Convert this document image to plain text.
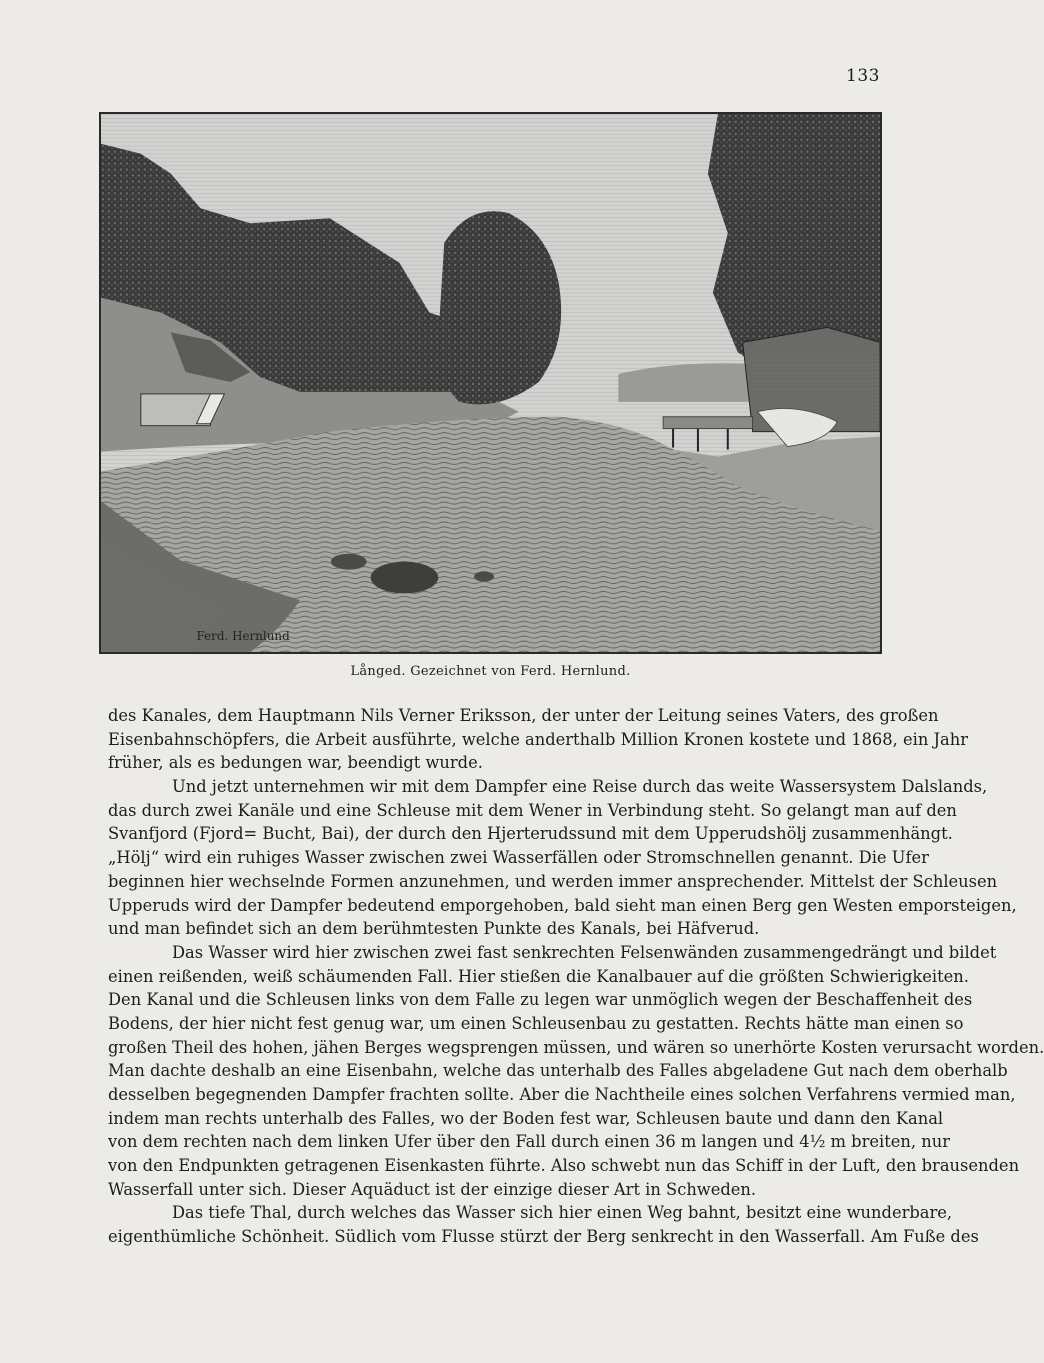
133
Ferd. Hernlund
Långed. Gezeichnet von Ferd. Hernlund.
des Kanales, dem Hauptmann Nils Verner Eriksson, der unter der Leitung seines Vaters, des großen
Eisenbahnschöpfers, die Arbeit ausführte, welche anderthalb Million Kronen kostete und 1868, ein Jahr
früher, als es bedungen war, beendigt wurde.
Und jetzt unternehmen wir mit dem Dampfer eine Reise durch das weite Wassersystem Dalslands,
das durch zwei Kanäle und eine Schleuse mit dem Wener in Verbindung steht. So gelangt man auf den
Svanfjord (Fjord= Bucht, Bai), der durch den Hjerterudssund mit dem Upperudshölj zusammenhängt.
„Hölj“ wird ein ruhiges Wasser zwischen zwei Wasserfällen oder Stromschnellen genannt. Die Ufer
beginnen hier wechselnde Formen anzunehmen, und werden immer ansprechender. Mittelst der Schleusen
Upperuds wird der Dampfer bedeutend emporgehoben, bald sieht man einen Berg gen Westen emporsteigen,
und man befindet sich an dem berühmtesten Punkte des Kanals, bei Häfverud.
Das Wasser wird hier zwischen zwei fast senkrechten Felsenwänden zusammengedrängt und bildet
einen reißenden, weiß schäumenden Fall. Hier stießen die Kanalbauer auf die größten Schwierigkeiten.
Den Kanal und die Schleusen links von dem Falle zu legen war unmöglich wegen der Beschaffenheit des
Bodens, der hier nicht fest genug war, um einen Schleusenbau zu gestatten. Rechts hätte man einen so
großen Theil des hohen, jähen Berges wegsprengen müssen, und wären so unerhörte Kosten verursacht worden.
Man dachte deshalb an eine Eisenbahn, welche das unterhalb des Falles abgeladene Gut nach dem oberhalb
desselben begegnenden Dampfer frachten sollte. Aber die Nachtheile eines solchen Verfahrens vermied man,
indem man rechts unterhalb des Falles, wo der Boden fest war, Schleusen baute und dann den Kanal
von dem rechten nach dem linken Ufer über den Fall durch einen 36 m langen und 4½ m breiten, nur
von den Endpunkten getragenen Eisenkasten führte. Also schwebt nun das Schiff in der Luft, den brausenden
Wasserfall unter sich. Dieser Aquäduct ist der einzige dieser Art in Schweden.
Das tiefe Thal, durch welches das Wasser sich hier einen Weg bahnt, besitzt eine wunderbare,
eigenthümliche Schönheit. Südlich vom Flusse stürzt der Berg senkrecht in den Wasserfall. Am Fuße des
